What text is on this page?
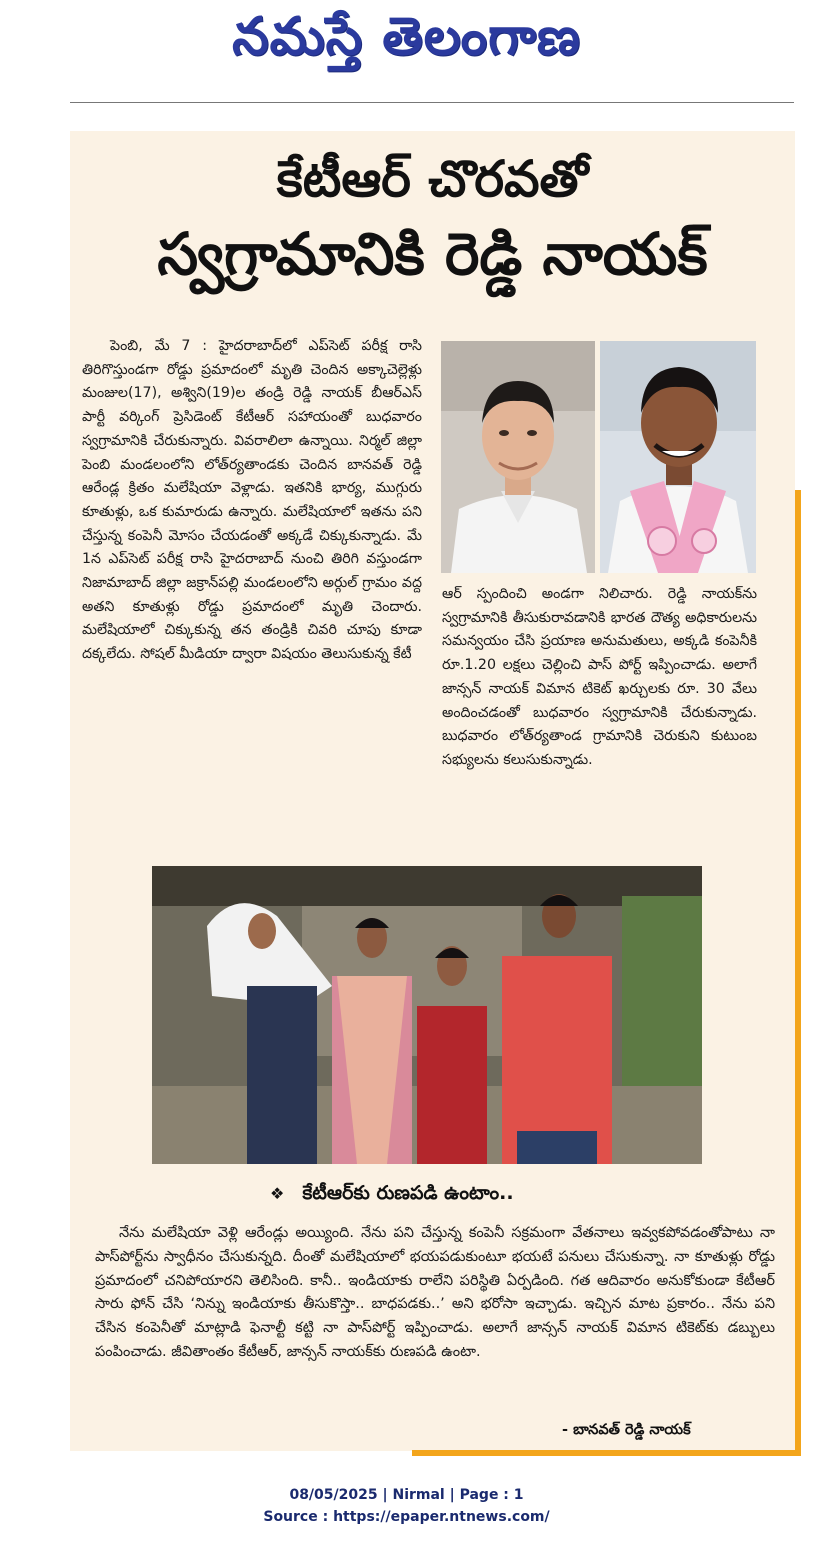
నమస్తే తెలంగాణ
కేటీఆర్ చొరవతో
స్వగ్రామానికి రెడ్డి నాయక్
పెంబి, మే 7 : హైదరాబాద్‌లో ఎప్‌సెట్ పరీక్ష రాసి తిరిగొస్తుండగా రోడ్డు ప్రమాదంలో మృతి చెందిన అక్కాచెల్లెళ్లు మంజుల(17), అశ్విని(19)ల తండ్రి రెడ్డి నాయక్ బీఆర్‌ఎస్ పార్టీ వర్కింగ్ ప్రెసిడెంట్ కేటీఆర్ సహాయంతో బుధవారం స్వగ్రామానికి చేరుకున్నారు. వివరాలిలా ఉన్నాయి. నిర్మల్ జిల్లా పెంబి మండలంలోని లోత్‌ర్యతాండకు చెందిన బానవత్ రెడ్డి ఆరేండ్ల క్రితం మలేషియా వెళ్లాడు. ఇతనికి భార్య, ముగ్గురు కూతుళ్లు, ఒక కుమారుడు ఉన్నారు. మలేషియాలో ఇతను పని చేస్తున్న కంపెనీ మోసం చేయడంతో అక్కడే చిక్కుకున్నాడు. మే 1న ఎప్‌సెట్ పరీక్ష రాసి హైదరాబాద్ నుంచి తిరిగి వస్తుండగా నిజామాబాద్ జిల్లా జక్రాన్‌పల్లి మండలంలోని అర్గుల్ గ్రామం వద్ద అతని కూతుళ్లు రోడ్డు ప్రమాదంలో మృతి చెందారు. మలేషియాలో చిక్కుకున్న తన తండ్రికి చివరి చూపు కూడా దక్కలేదు. సోషల్ మీడియా ద్వారా విషయం తెలుసుకున్న కేటీ
ఆర్ స్పందించి అండగా నిలిచారు. రెడ్డి నాయక్‌ను స్వగ్రామానికి తీసుకురావడానికి భారత దౌత్య అధికారులను సమన్వయం చేసి ప్రయాణ అనుమతులు, అక్కడి కంపెనీకి రూ.1.20 లక్షలు చెల్లించి పాస్ పోర్ట్ ఇప్పించాడు. అలాగే జాన్సన్ నాయక్ విమాన టికెట్ ఖర్చులకు రూ. 30 వేలు అందించడంతో బుధవారం స్వగ్రామానికి చేరుకున్నాడు. బుధవారం లోత్‌ర్యతాండ గ్రామానికి చెరుకుని కుటుంబ సభ్యులను కలుసుకున్నాడు.
❖ కేటీఆర్‌కు రుణపడి ఉంటాం..
నేను మలేషియా వెళ్లి ఆరేండ్లు అయ్యింది. నేను పని చేస్తున్న కంపెనీ సక్రమంగా వేతనాలు ఇవ్వకపోవడంతోపాటు నా పాస్‌పోర్ట్‌ను స్వాధీనం చేసుకున్నది. దీంతో మలేషియాలో భయపడుకుంటూ భయటే పనులు చేసుకున్నా. నా కూతుళ్లు రోడ్డు ప్రమాదంలో చనిపోయారని తెలిసింది. కానీ.. ఇండియాకు రాలేని పరిస్థితి ఏర్పడింది. గత ఆదివారం అనుకోకుండా కేటీఆర్ సారు ఫోన్ చేసి ‘నిన్ను ఇండియాకు తీసుకొస్తా.. బాధపడకు..’ అని భరోసా ఇచ్చాడు. ఇచ్చిన మాట ప్రకారం.. నేను పని చేసిన కంపెనీతో మాట్లాడి ఫెనాల్టీ కట్టి నా పాస్‌పోర్ట్ ఇప్పించాడు. అలాగే జాన్సన్ నాయక్ విమాన టికెట్‌కు డబ్బులు పంపించాడు. జీవితాంతం కేటీఆర్, జాన్సన్ నాయక్‌కు రుణపడి ఉంటా.
- బానవత్ రెడ్డి నాయక్
08/05/2025 | Nirmal | Page : 1
Source : https://epaper.ntnews.com/
